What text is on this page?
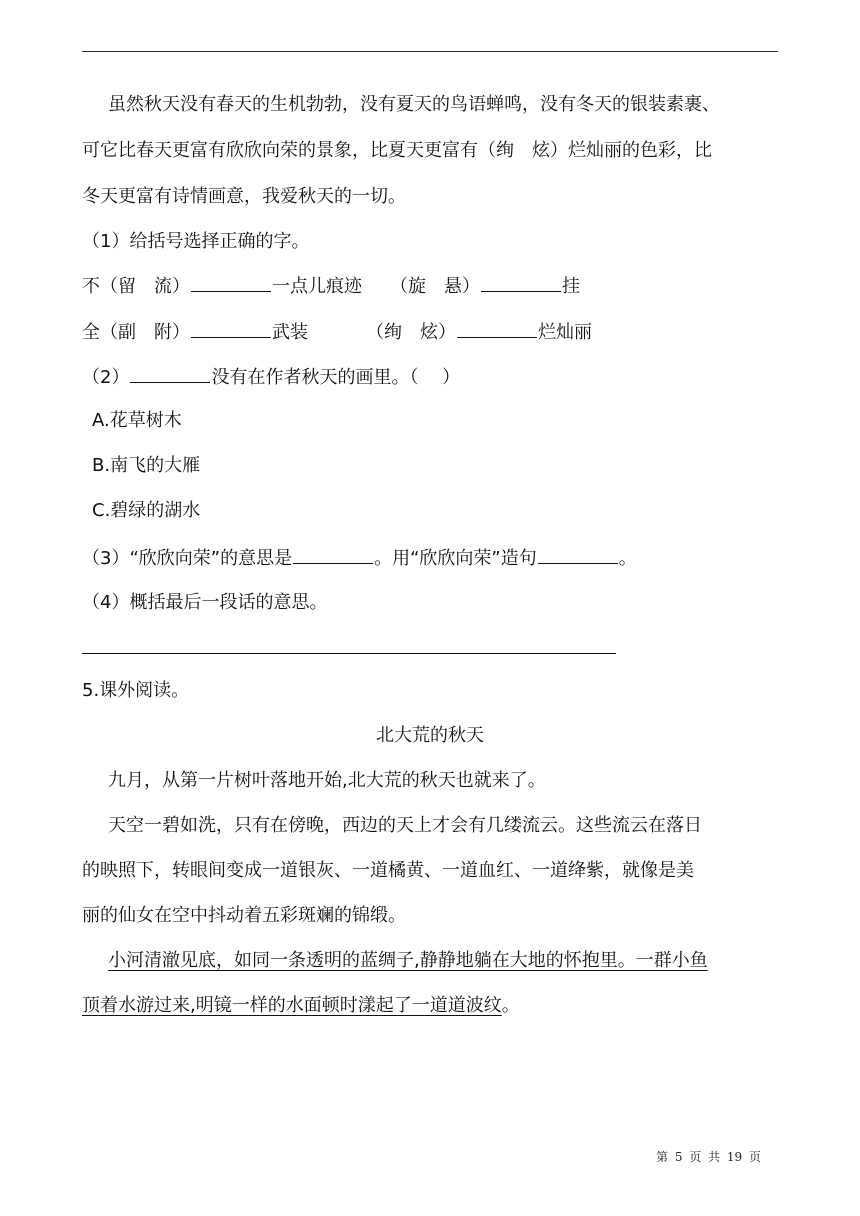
虽然秋天没有春天的生机勃勃，没有夏天的鸟语蝉鸣，没有冬天的银装素裹、
可它比春天更富有欣欣向荣的景象，比夏天更富有（绚　炫）烂灿丽的色彩，比
冬天更富有诗情画意，我爱秋天的一切。
（1）给括号选择正确的字。
不（留　流）	一点儿痕迹 （旋　悬）	挂
全（副　附）	武装	（绚　炫）	烂灿丽
（2）	没有在作者秋天的画里。（　 ）
A.花草树木
B.南飞的大雁
C.碧绿的湖水
（3）“欣欣向荣”的意思是	。用“欣欣向荣”造句	。
（4）概括最后一段话的意思。
5.课外阅读。
北大荒的秋天
九月，从第一片树叶落地开始,北大荒的秋天也就来了。
天空一碧如洗，只有在傍晚，西边的天上才会有几缕流云。这些流云在落日
的映照下，转眼间变成一道银灰、一道橘黄、一道血红、一道绛紫，就像是美
丽的仙女在空中抖动着五彩斑斓的锦缎。
小河清澈见底，如同一条透明的蓝绸子,静静地躺在大地的怀抱里。一群小鱼
顶着水游过来,明镜一样的水面顿时漾起了一道道波纹。
第 5 页 共 19 页
